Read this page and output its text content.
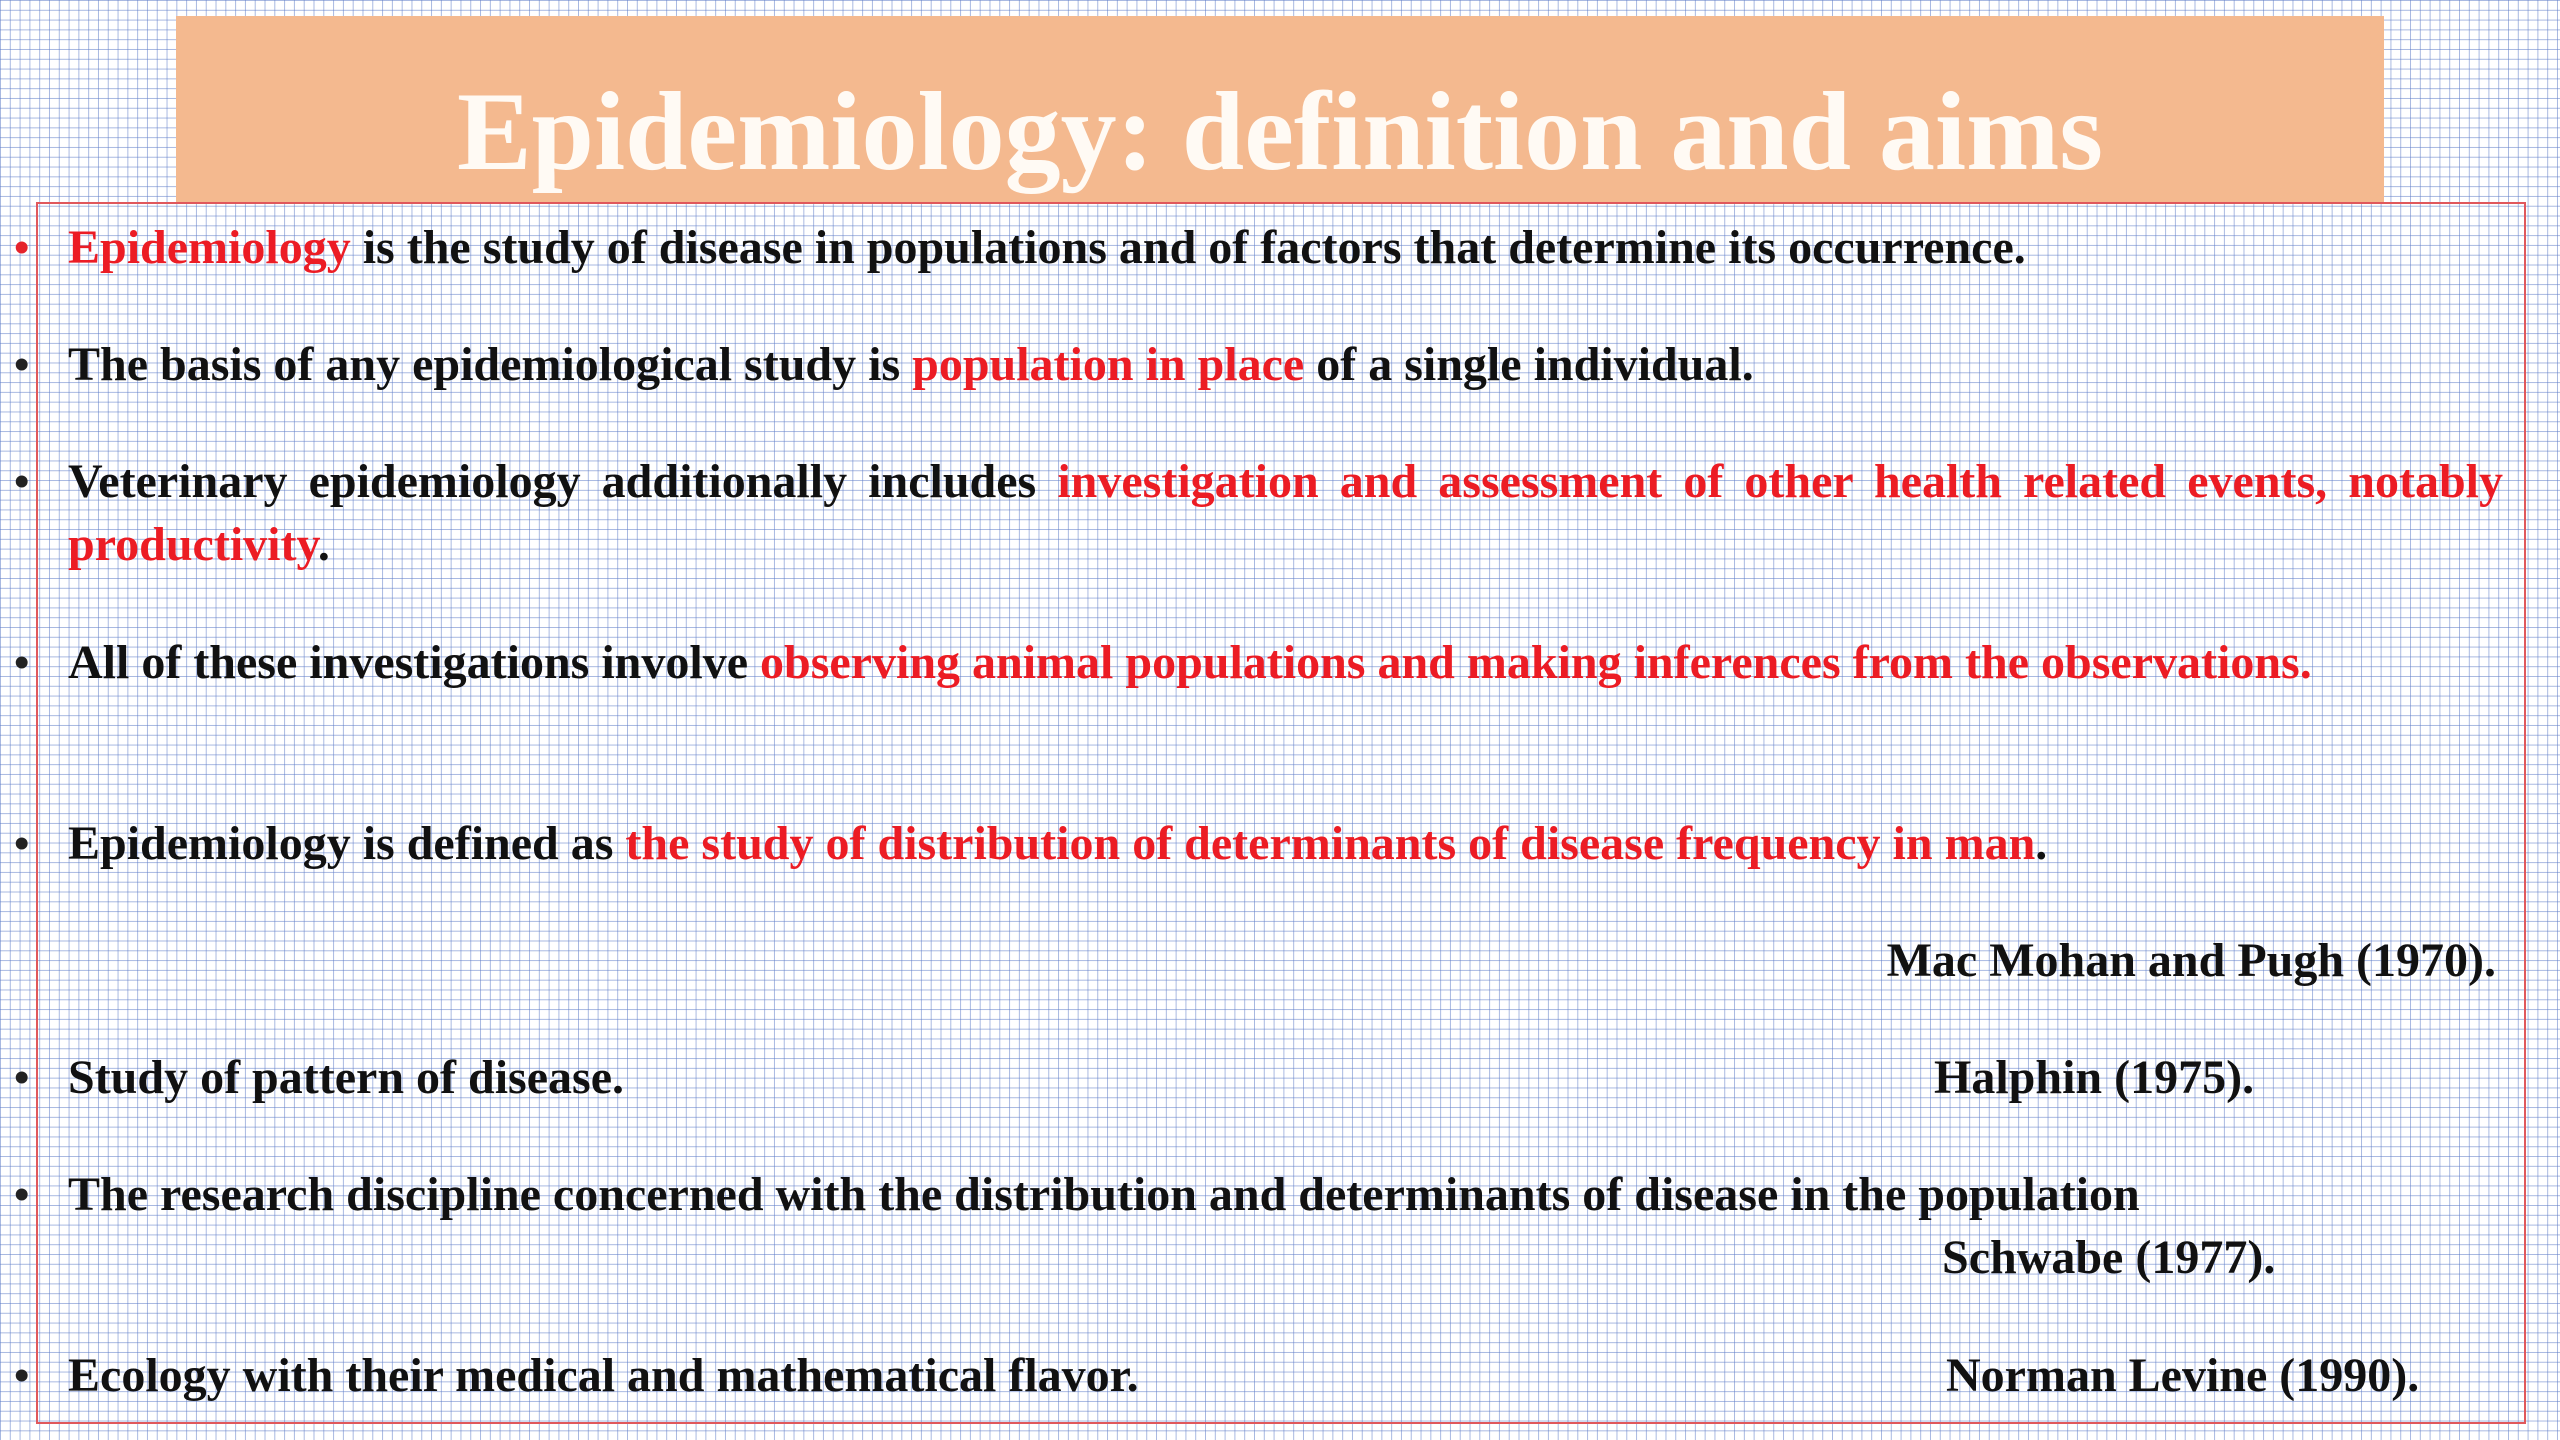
Epidemiology: definition and aims
• Epidemiology is the study of disease in populations and of factors that determine its occurrence.
• The basis of any epidemiological study is population in place of a single individual.
• Veterinary epidemiology additionally includes investigation and assessment of other health related events, notably productivity.
• All of these investigations involve observing animal populations and making inferences from the observations.
• Epidemiology is defined as the study of distribution of determinants of disease frequency in man.
Mac Mohan and Pugh (1970).
• Study of pattern of disease.	Halphin (1975).
• The research discipline concerned with the distribution and determinants of disease in the population
Schwabe (1977).
• Ecology with their medical and mathematical flavor.	Norman Levine (1990).
